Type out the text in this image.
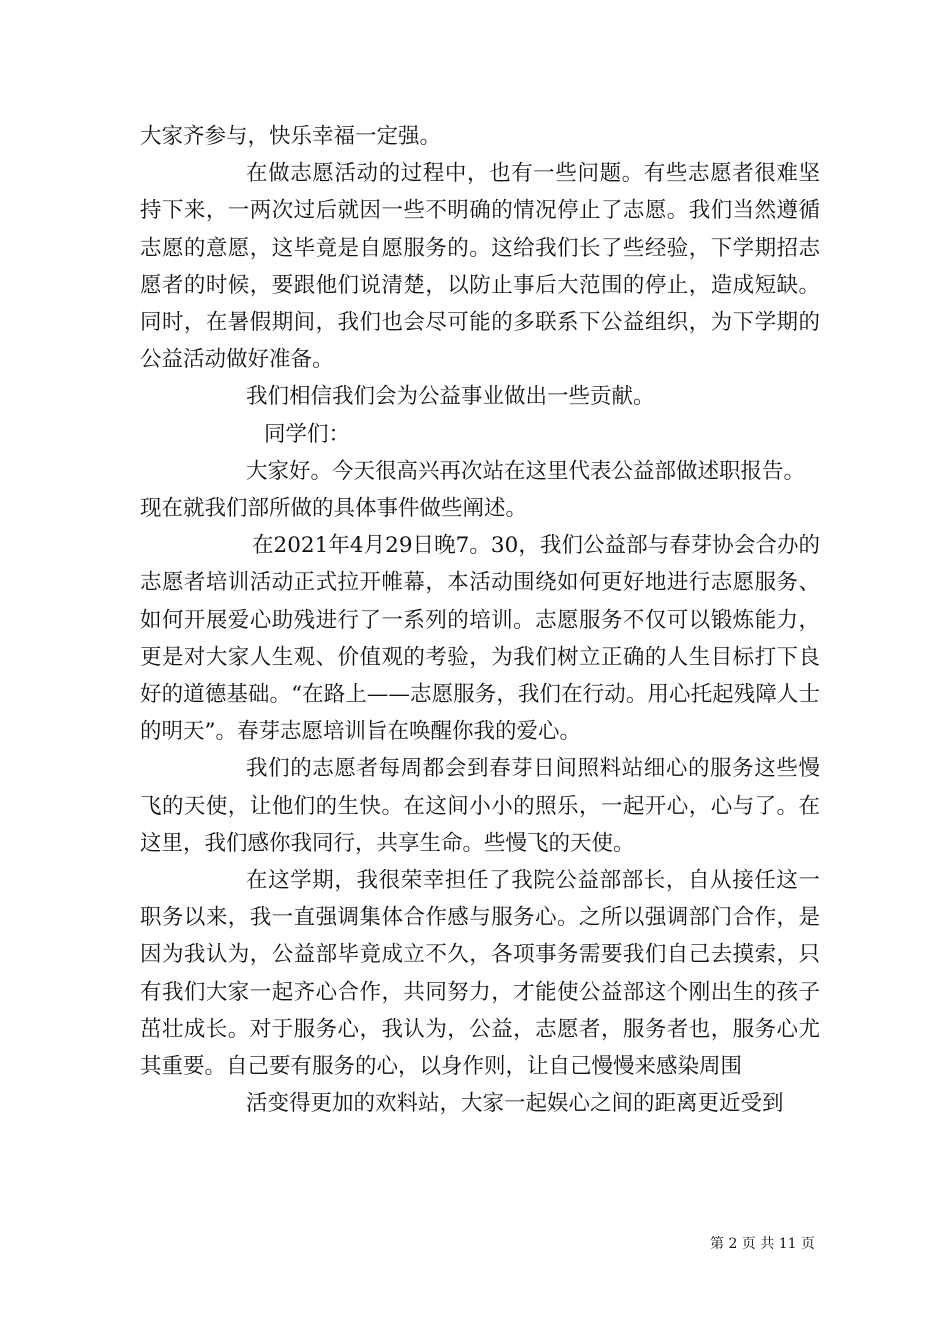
大家齐参与，快乐幸福一定强。

在做志愿活动的过程中，也有一些问题。有些志愿者很难坚持下来，一两次过后就因一些不明确的情况停止了志愿。我们当然遵循志愿的意愿，这毕竟是自愿服务的。这给我们长了些经验，下学期招志愿者的时候，要跟他们说清楚，以防止事后大范围的停止，造成短缺。同时，在暑假期间，我们也会尽可能的多联系下公益组织，为下学期的公益活动做好准备。

我们相信我们会为公益事业做出一些贡献。

同学们：

大家好。今天很高兴再次站在这里代表公益部做述职报告。现在就我们部所做的具体事件做些阐述。

在2021年4月29日晚7。30，我们公益部与春芽协会合办的志愿者培训活动正式拉开帷幕，本活动围绕如何更好地进行志愿服务、如何开展爱心助残进行了一系列的培训。志愿服务不仅可以锻炼能力，更是对大家人生观、价值观的考验，为我们树立正确的人生目标打下良好的道德基础。“在路上——志愿服务，我们在行动。用心托起残障人士的明天”。春芽志愿培训旨在唤醒你我的爱心。

我们的志愿者每周都会到春芽日间照料站细心的服务这些慢飞的天使，让他们的生快。在这间小小的照乐，一起开心，心与了。在这里，我们感你我同行，共享生命。些慢飞的天使。

在这学期，我很荣幸担任了我院公益部部长，自从接任这一职务以来，我一直强调集体合作感与服务心。之所以强调部门合作，是因为我认为，公益部毕竟成立不久，各项事务需要我们自己去摸索，只有我们大家一起齐心合作，共同努力，才能使公益部这个刚出生的孩子茁壮成长。对于服务心，我认为，公益，志愿者，服务者也，服务心尤其重要。自己要有服务的心，以身作则，让自己慢慢来感染周围

活变得更加的欢料站，大家一起娱心之间的距离更近受到

第 2 页 共 11 页
